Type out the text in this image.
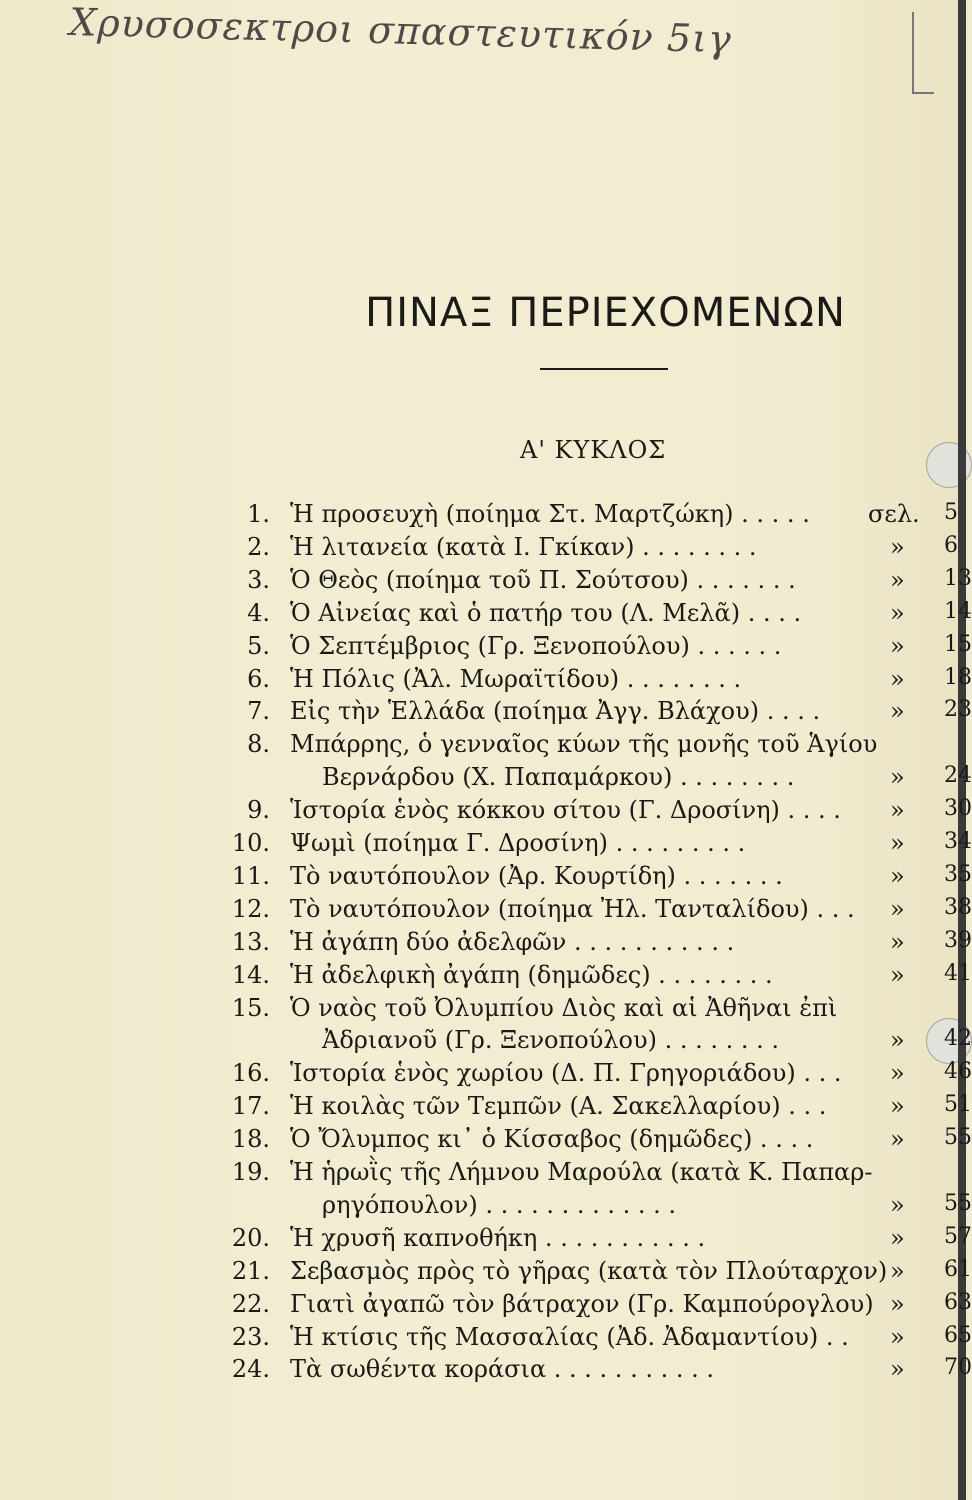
Χρυσοσεκτροι σπαστευτικόν 5ιγ
ΠΙΝΑΞ ΠΕΡΙΕΧΟΜΕΝΩΝ
Α' ΚΥΚΛΟΣ
1. Ἡ προσευχὴ (ποίημα Στ. Μαρτζώκη) . . . . . σελ. 5
2. Ἡ λιτανεία (κατὰ Ι. Γκίκαν) . . . . . . . .	»	6
3. Ὁ Θεὸς (ποίημα τοῦ Π. Σούτσου) . . . . . . .	»	13
4. Ὁ Αἰνείας καὶ ὁ πατήρ του (Λ. Μελᾶ) . . . .	»	14
5. Ὁ Σεπτέμβριος (Γρ. Ξενοπούλου) . . . . . .	»	15
6. Ἡ Πόλις (Ἀλ. Μωραϊτίδου) . . . . . . . .	»	18
7. Εἰς τὴν Ἑλλάδα (ποίημα Ἀγγ. Βλάχου) . . . .	»	23
8. Μπάρρης, ὁ γενναῖος κύων τῆς μονῆς τοῦ Ἁγίου
Βερνάρδου (Χ. Παπαμάρκου) . . . . . . . .	»	24
9. Ἱστορία ἑνὸς κόκκου σίτου (Γ. Δροσίνη) . . . . »	30
10. Ψωμὶ (ποίημα Γ. Δροσίνη) . . . . . . . . .	»	34
11. Τὸ ναυτόπουλον (Ἀρ. Κουρτίδη) . . . . . . .	»	35
12. Τὸ ναυτόπουλον (ποίημα Ἠλ. Τανταλίδου) . . . »	38
13. Ἡ ἀγάπη δύο ἀδελφῶν . . . . . . . . . . .	»	39
14. Ἡ ἀδελφικὴ ἀγάπη (δημῶδες) . . . . . . . .	»	41
15. Ὁ ναὸς τοῦ Ὀλυμπίου Διὸς καὶ αἱ Ἀθῆναι ἐπὶ
Ἀδριανοῦ (Γρ. Ξενοπούλου) . . . . . . . .	»	42
16. Ἱστορία ἑνὸς χωρίου (Δ. Π. Γρηγοριάδου) . . . »	46
17. Ἡ κοιλὰς τῶν Τεμπῶν (Α. Σακελλαρίου) . . .	»	51
18. Ὁ Ὄλυμπος κι᾿ ὁ Κίσσαβος (δημῶδες) . . . .	»	55
19. Ἡ ἡρωῒς τῆς Λήμνου Μαρούλα (κατὰ Κ. Παπαρ-
ρηγόπουλον) . . . . . . . . . . . . .	»	55
20. Ἡ χρυσῆ καπνοθήκη . . . . . . . . . . .	»	57
21. Σεβασμὸς πρὸς τὸ γῆρας (κατὰ τὸν Πλούταρχον) »	61
22. Γιατὶ ἀγαπῶ τὸν βάτραχον (Γρ. Καμπούρογλου) »	63
23. Ἡ κτίσις τῆς Μασσαλίας (Ἀδ. Ἀδαμαντίου) . . »	65
24. Τὰ σωθέντα κοράσια . . . . . . . . . . .	»	70
